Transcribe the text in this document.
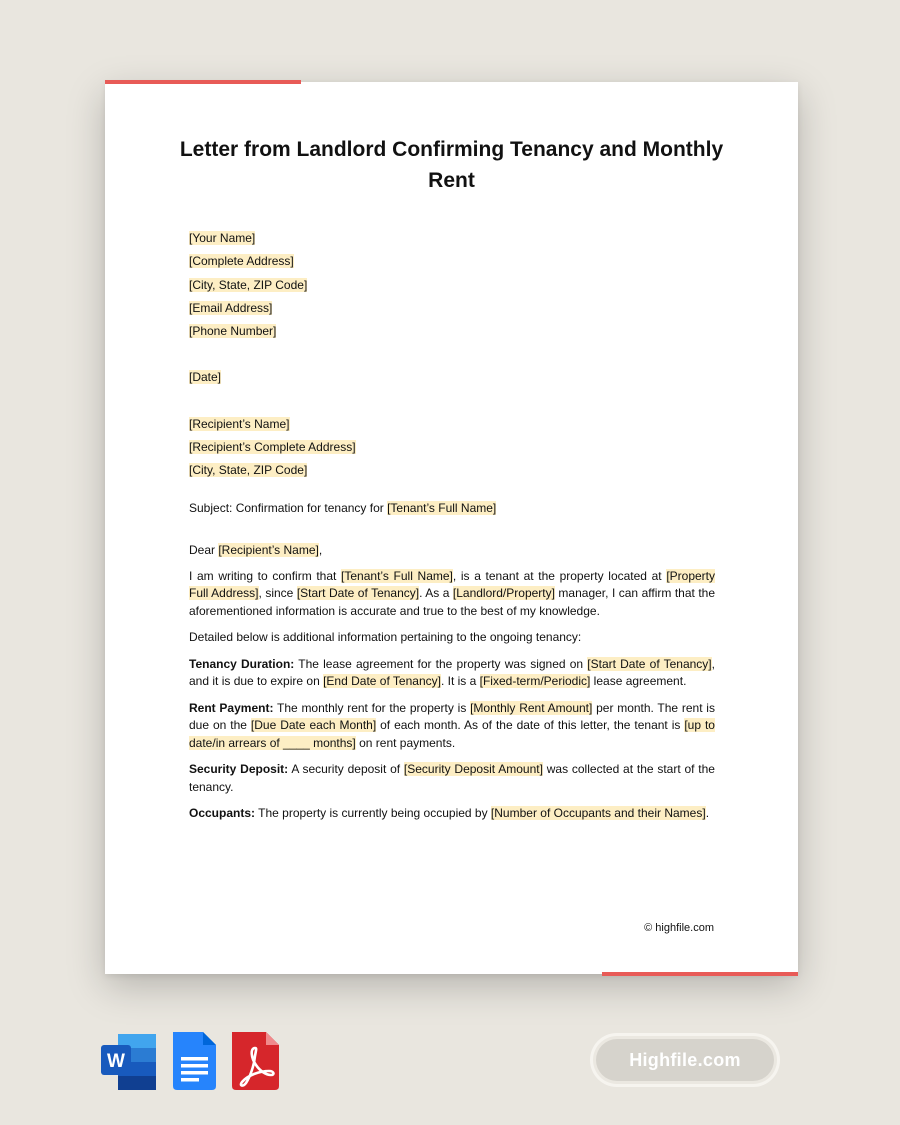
Letter from Landlord Confirming Tenancy and Monthly Rent
[Your Name]
[Complete Address]
[City, State, ZIP Code]
[Email Address]
[Phone Number]
[Date]
[Recipient’s Name]
[Recipient’s Complete Address]
[City, State, ZIP Code]
Subject: Confirmation for tenancy for [Tenant’s Full Name]
Dear [Recipient’s Name],

I am writing to confirm that [Tenant’s Full Name], is a tenant at the property located at [Property Full Address], since [Start Date of Tenancy]. As a [Landlord/Property] manager, I can affirm that the aforementioned information is accurate and true to the best of my knowledge.

Detailed below is additional information pertaining to the ongoing tenancy:

Tenancy Duration: The lease agreement for the property was signed on [Start Date of Tenancy], and it is due to expire on [End Date of Tenancy]. It is a [Fixed-term/Periodic] lease agreement.

Rent Payment: The monthly rent for the property is [Monthly Rent Amount] per month. The rent is due on the [Due Date each Month] of each month. As of the date of this letter, the tenant is [up to date/in arrears of ____ months] on rent payments.

Security Deposit: A security deposit of [Security Deposit Amount] was collected at the start of the tenancy.

Occupants: The property is currently being occupied by [Number of Occupants and their Names].

© highfile.com
W	Highfile.com
